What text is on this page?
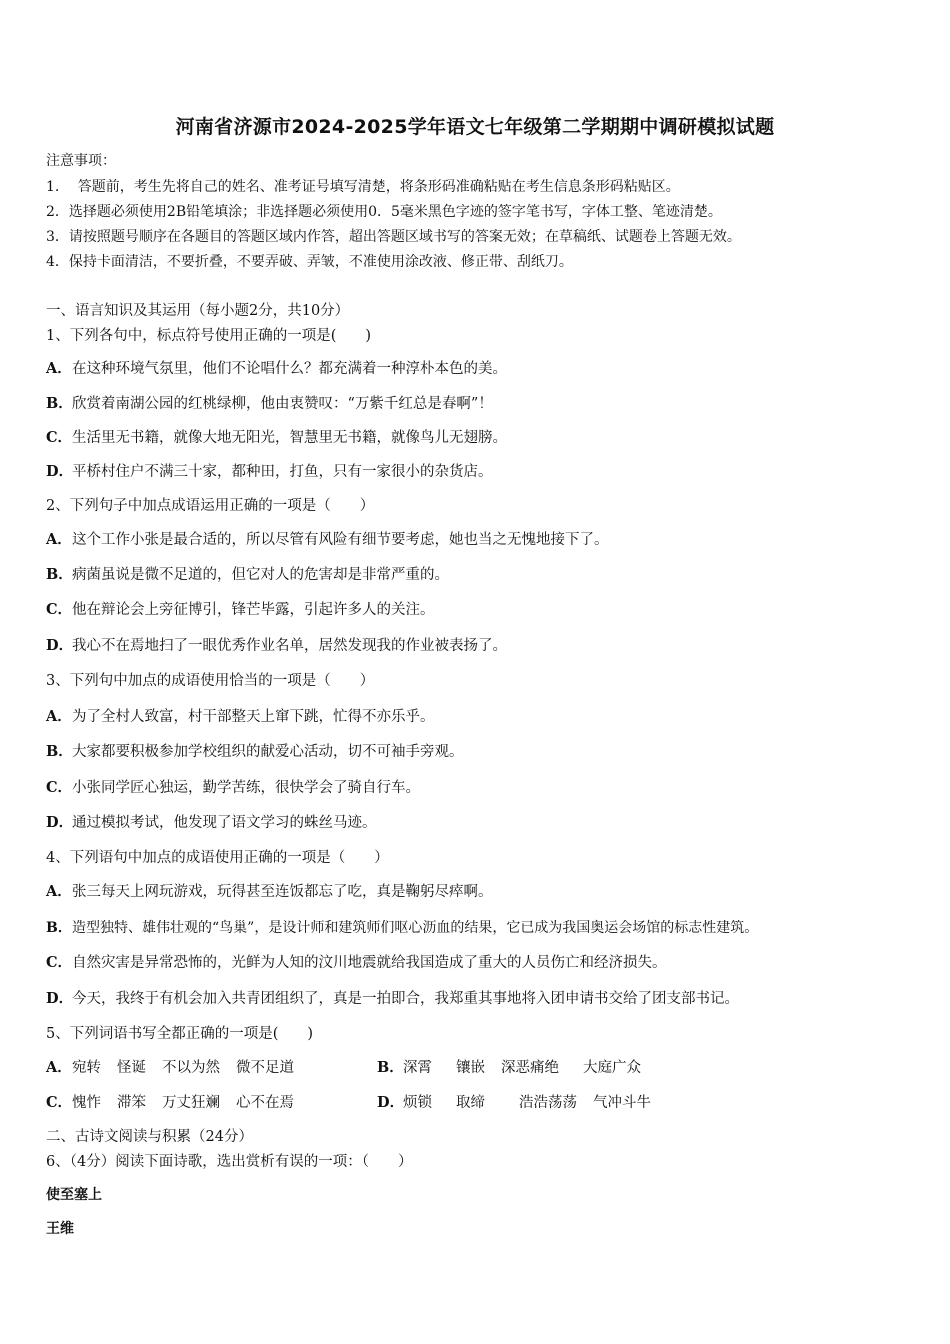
河南省济源市2024-2025学年语文七年级第二学期期中调研模拟试题
注意事项：
1.　 答题前，考生先将自己的姓名、准考证号填写清楚，将条形码准确粘贴在考生信息条形码粘贴区。
2．选择题必须使用2B铅笔填涂；非选择题必须使用0．5毫米黑色字迹的签字笔书写，字体工整、笔迹清楚。
3．请按照题号顺序在各题目的答题区域内作答，超出答题区域书写的答案无效；在草稿纸、试题卷上答题无效。
4．保持卡面清洁，不要折叠，不要弄破、弄皱，不准使用涂改液、修正带、刮纸刀。
一、语言知识及其运用（每小题2分，共10分）
1、下列各句中，标点符号使用正确的一项是(　　)
A．在这种环境气氛里，他们不论唱什么？都充满着一种淳朴本色的美。
B．欣赏着南湖公园的红桃绿柳，他由衷赞叹：“万紫千红总是春啊”！
C．生活里无书籍，就像大地无阳光，智慧里无书籍，就像鸟儿无翅膀。
D．平桥村住户不满三十家，都种田，打鱼，只有一家很小的杂货店。
2、下列句子中加点成语运用正确的一项是（　　）
A．这个工作小张是最合适的，所以尽管有风险有细节要考虑，她也当之无愧地接下了。
B．病菌虽说是微不足道的，但它对人的危害却是非常严重的。
C．他在辩论会上旁征博引，锋芒毕露，引起许多人的关注。
D．我心不在焉地扫了一眼优秀作业名单，居然发现我的作业被表扬了。
3、下列句中加点的成语使用恰当的一项是（　　）
A．为了全村人致富，村干部整天上窜下跳，忙得不亦乐乎。
B．大家都要积极参加学校组织的献爱心活动，切不可袖手旁观。
C．小张同学匠心独运，勤学苦练，很快学会了骑自行车。
D．通过模拟考试，他发现了语文学习的蛛丝马迹。
4、下列语句中加点的成语使用正确的一项是（　　）
A．张三每天上网玩游戏，玩得甚至连饭都忘了吃，真是鞠躬尽瘁啊。
B．造型独特、雄伟壮观的“鸟巢”，是设计师和建筑师们呕心沥血的结果，它已成为我国奥运会场馆的标志性建筑。
C．自然灾害是异常恐怖的，光鲜为人知的汶川地震就给我国造成了重大的人员伤亡和经济损失。
D．今天，我终于有机会加入共青团组织了，真是一拍即合，我郑重其事地将入团申请书交给了团支部书记。
5、下列词语书写全都正确的一项是(　　)
A．宛转 怪诞 不以为然 微不足道	B．深霄 镶嵌 深恶痛绝 大庭广众
C．愧怍 滞笨 万丈狂斓 心不在焉	D．烦锁 取缔 浩浩荡荡 气冲斗牛
二、古诗文阅读与积累（24分）
6、（4分）阅读下面诗歌，选出赏析有误的一项：（　　）
使至塞上
王维
